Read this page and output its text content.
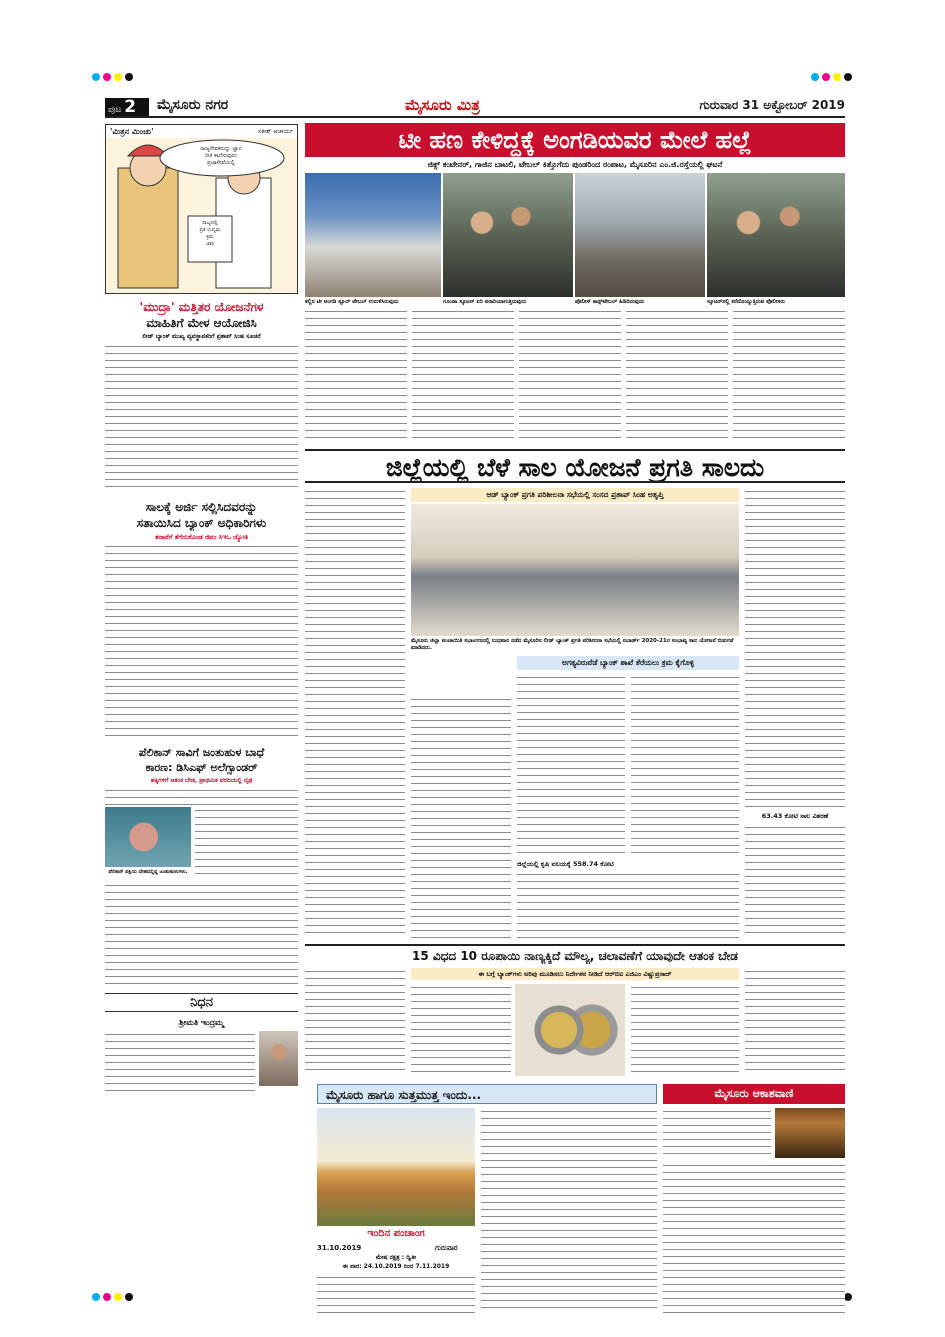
ಪುಟ 2	ಮೈಸೂರು ನಗರ	ಮೈಸೂರು ಮಿತ್ರ	ಗುರುವಾರ 31 ಅಕ್ಟೋಬರ್ 2019
'ಮಿತ್ರನ ಮಿಂಚು'	ಸತೀಶ್ ಆಚಾರ್ಯ
ರಾಜ್ಯಸೇವಕರುನ್ನು ಜ್ಞಾನ
ರೀತಿ ಕಾಣಿಸುವುದು
ಪ್ರಜಾಸೇವೆಯಲ್ಲಿ
ರಾಜ್ಯದಲ್ಲಿ
ಪ್ರತಿ ಉದ್ಯಮ
ಕ್ರಮ
ಜಾರಿ
'ಮುದ್ರಾ' ಮತ್ತಿತರ ಯೋಜನೆಗಳ
ಮಾಹಿತಿಗೆ ಮೇಳ ಆಯೋಜಿಸಿ
ಲೀಡ್ ಬ್ಯಾಂಕ್ ಮುಖ್ಯ ವ್ಯವಸ್ಥಾಪಕರಿಗೆ ಪ್ರತಾಪ್ ಸಿಂಹ ಸೂಚನೆ
ಸಾಲಕ್ಕೆ ಅರ್ಜಿ ಸಲ್ಲಿಸಿದವರನ್ನು
ಸತಾಯಿಸಿದ ಬ್ಯಾಂಕ್ ಅಧಿಕಾರಿಗಳು
ತರಾಟೆಗೆ ತೆಗೆದುಕೊಂಡ ಜಿಪಂ ಸಿಇಒ ಜ್ಯೋತಿ
ಪೆಲಿಕಾನ್ ಸಾವಿಗೆ ಜಂತುಹುಳ ಬಾಧೆ
ಕಾರಣ: ಡಿಸಿಎಫ್ ಅಲೆಗ್ಸಾಂಡರ್
ಹಕ್ಕಿಗಳಿಗೆ ಆತಂಕ ಬೇಡ, ಪ್ರಾಥಮಿಕ ವರದಿಯಲ್ಲಿ ದೃಢ
ಪೆಲಿಕಾನ್ ಪಕ್ಷಿಯ ದೇಹದಲ್ಲಿದ್ದ ಜಂತುಹುಳುಗಳು.
ನಿಧನ
ಶ್ರೀಮತಿ ಇಂದ್ರಮ್ಮ
ಟೀ ಹಣ ಕೇಳಿದ್ದಕ್ಕೆ ಅಂಗಡಿಯವರ ಮೇಲೆ ಹಲ್ಲೆ
ಜಿಕ್ಸ್ ಕಂಟೇನರ್, ಗಾಜಿನ ಬಾಟಲಿ, ಟೇಬಲ್ ಕಿತ್ತೊಗೆದು ಪುಂಡರಿಂದ ರಂಪಾಟ, ಮೈಸೂರಿನ ಎಂ.ಜಿ.ರಸ್ತೆಯಲ್ಲಿ ಘಟನೆ
ಕಲ್ಲಿನ ಟೀ ಅಂಗಡಿ ಸ್ಟೂಲ್ ಟೇಬಲ್ ಉರುಳಿಸಿರುವುದು	ಗೂಂಡಾ ಸ್ಕೂಟರ್ ಏರಿ ಪರಾರಿಯಾಗುತ್ತಿರುವುದು	ಪೊಲೀಸ್ ಕಾನ್ಸ್‌ಟೇಬಲ್ ಹಿಡಿದಿರುವುದು	ಸ್ಕೂಟರ್‌ನಲ್ಲಿ ಕರೆದೊಯ್ಯುತ್ತಿರುವ ಪೊಲೀಸರು
ಜಿಲ್ಲೆಯಲ್ಲಿ ಬೆಳೆ ಸಾಲ ಯೋಜನೆ ಪ್ರಗತಿ ಸಾಲದು
ಆಡ್ ಬ್ಯಾಂಕ್ ಪ್ರಗತಿ ಪರಿಶೀಲನಾ ಸಭೆಯಲ್ಲಿ ಸಂಸದ ಪ್ರತಾಪ್ ಸಿಂಹ ಅತೃಪ್ತಿ
ಮೈಸೂರು ಜಿಲ್ಲಾ ಪಂಚಾಯಿತಿ ಸಭಾಂಗಣದಲ್ಲಿ ಬುಧವಾರ ನಡೆದ ಮೈಸೂರಿನ ಲೀಡ್ ಬ್ಯಾಂಕ್ ಪ್ರಗತಿ ಪರಿಶೀಲನಾ ಸಭೆಯಲ್ಲಿ ನಬಾರ್ಡ್ 2020-21ರ ಸಂಭಾವ್ಯ ಸಾಲ ಯೋಜನೆ ಬಿಡುಗಡೆ ಮಾಡಿದರು.
ಅಗತ್ಯವಿರುವೆಡೆ ಬ್ಯಾಂಕ್ ಶಾಖೆ ತೆರೆಯಲು ಕ್ರಮ ಕೈಗೊಳ್ಳಿ
ಜಿಲ್ಲೆಯಲ್ಲಿ ಕೃಷಿ ವಲಯಕ್ಕೆ 558.74 ಕೋಟಿ
63.43 ಕೋಟಿ ಸಾಲ ವಿತರಣೆ
15 ವಿಧದ 10 ರೂಪಾಯಿ ನಾಣ್ಯಕ್ಕಿದೆ ಮೌಲ್ಯ, ಚಲಾವಣೆಗೆ ಯಾವುದೇ ಆತಂಕ ಬೇಡ
ಈ ಬಗ್ಗೆ ಬ್ಯಾಂಕ್‌ಗಳು ಅರಿವು ಮೂಡಿಸಲು ನಿರ್ದೇಶನ ನೀಡಿದೆ ಆರ್‌ಬಿಐ ಎಜಿಎಂ ವಿಷ್ಣುಪ್ರಸಾದ್
ಮೈಸೂರು ಹಾಗೂ ಸುತ್ತಮುತ್ತ ಇಂದು...
ಇಂದಿನ ಪಂಚಾಂಗ
31.10.2019	ಗುರುವಾರ
ಮೇಷ ನಕ್ಷತ್ರ : ದ್ವಿತೀ
ಈ ವಾರ: 24.10.2019 ರಿಂದ 7.11.2019
ಮೈಸೂರು ಆಕಾಶವಾಣಿ
